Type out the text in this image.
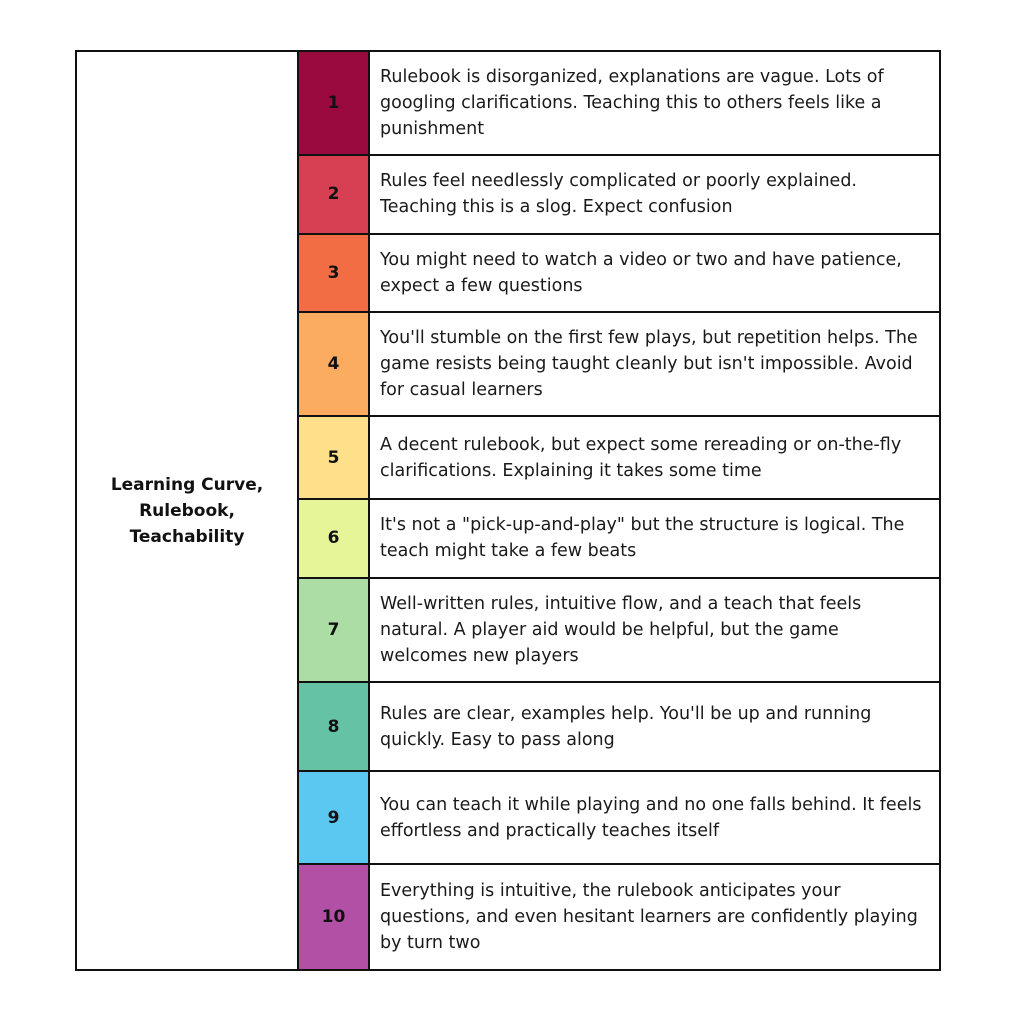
Learning Curve,
Rulebook,
Teachability
1
Rulebook is disorganized, explanations are vague. Lots of googling clarifications. Teaching this to others feels like a punishment
2
Rules feel needlessly complicated or poorly explained. Teaching this is a slog. Expect confusion
3
You might need to watch a video or two and have patience, expect a few questions
4
You'll stumble on the first few plays, but repetition helps. The game resists being taught cleanly but isn't impossible. Avoid for casual learners
5
A decent rulebook, but expect some rereading or on-the-fly clarifications. Explaining it takes some time
6
It's not a "pick-up-and-play" but the structure is logical. The teach might take a few beats
7
Well-written rules, intuitive flow, and a teach that feels natural. A player aid would be helpful, but the game welcomes new players
8
Rules are clear, examples help. You'll be up and running quickly. Easy to pass along
9
You can teach it while playing and no one falls behind. It feels effortless and practically teaches itself
10
Everything is intuitive, the rulebook anticipates your questions, and even hesitant learners are confidently playing by turn two
